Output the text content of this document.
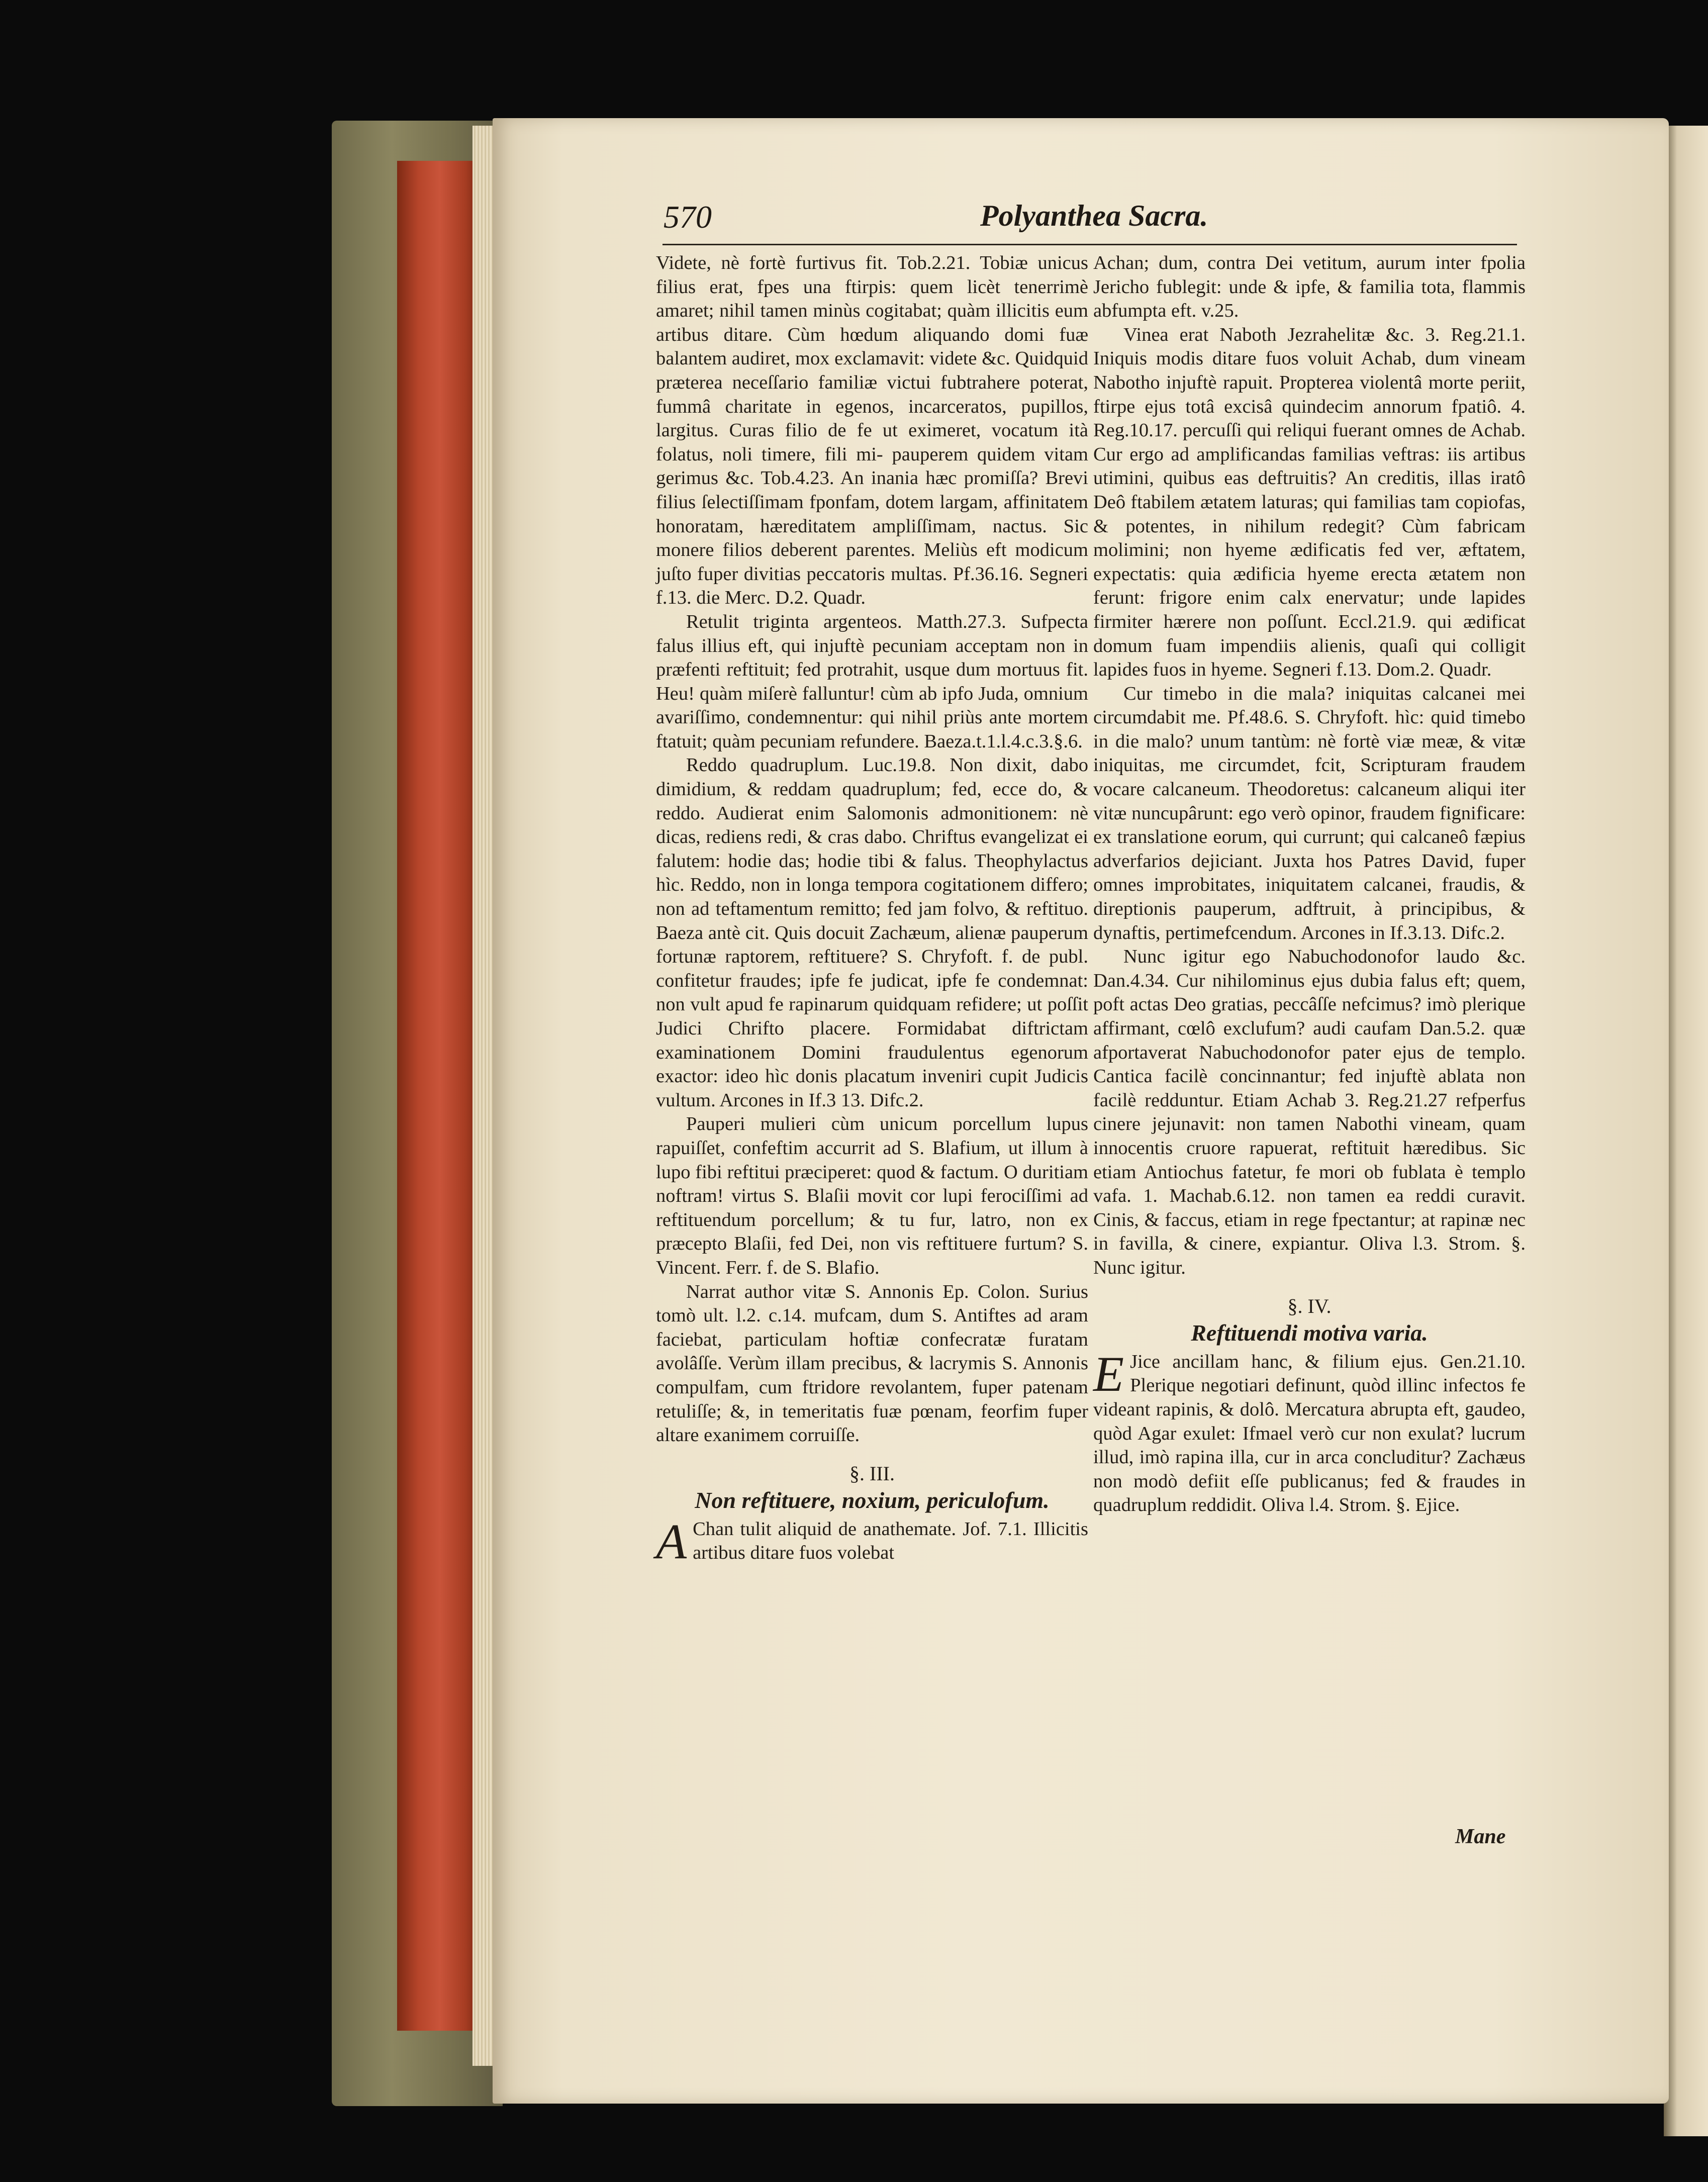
570	Polyanthea Sacra.

Videte, nè fortè furtivus fit. Tob.2.21. Tobiæ unicus filius erat, fpes una ftirpis: quem licèt tenerrimè amaret; nihil tamen minùs cogitabat; quàm illicitis eum artibus ditare. Cùm hœdum aliquando domi fuæ balantem audiret, mox exclamavit: videte &c. Quidquid præterea neceſſario familiæ victui fubtrahere poterat, fummâ charitate in egenos, incarceratos, pupillos, largitus. Curas filio de fe ut eximeret, vocatum ità folatus, noli timere, fili mi- pauperem quidem vitam gerimus &c. Tob.4.23. An inania hæc promiſſa? Brevi filius ſelectiſſimam fponfam, dotem largam, affinitatem honoratam, hæreditatem ampliſſimam, nactus. Sic monere filios deberent parentes. Meliùs eft modicum juſto fuper divitias peccatoris multas. Pf.36.16. Segneri f.13. die Merc. D.2. Quadr.

Retulit triginta argenteos. Matth.27.3. Sufpecta falus illius eft, qui injuftè pecuniam acceptam non in præfenti reftituit; fed protrahit, usque dum mortuus fit. Heu! quàm miſerè falluntur! cùm ab ipfo Juda, omnium avariſſimo, condemnentur: qui nihil priùs ante mortem ftatuit; quàm pecuniam refundere. Baeza.t.1.l.4.c.3.§.6.

Reddo quadruplum. Luc.19.8. Non dixit, dabo dimidium, & reddam quadruplum; fed, ecce do, & reddo. Audierat enim Salomonis admonitionem: nè dicas, rediens redi, & cras dabo. Chriftus evangelizat ei falutem: hodie das; hodie tibi & falus. Theophylactus hìc. Reddo, non in longa tempora cogitationem differo; non ad teftamentum remitto; fed jam folvo, & reftituo. Baeza antè cit. Quis docuit Zachæum, alienæ pauperum fortunæ raptorem, reftituere? S. Chryfoft. f. de publ. confitetur fraudes; ipfe fe judicat, ipfe fe condemnat: non vult apud fe rapinarum quidquam refidere; ut poſſit Judici Chrifto placere. Formidabat diftrictam examinationem Domini fraudulentus egenorum exactor: ideo hìc donis placatum inveniri cupit Judicis vultum. Arcones in If.3 13. Difc.2.

Pauperi mulieri cùm unicum porcellum lupus rapuiſſet, confeftim accurrit ad S. Blafium, ut illum à lupo fibi reftitui præciperet: quod & factum. O duritiam noftram! virtus S. Blaſii movit cor lupi ferociſſimi ad reftituendum porcellum; & tu fur, latro, non ex præcepto Blaſii, fed Dei, non vis reftituere furtum? S. Vincent. Ferr. f. de S. Blafio.

Narrat author vitæ S. Annonis Ep. Colon. Surius tomò ult. l.2. c.14. mufcam, dum S. Antiftes ad aram faciebat, particulam hoftiæ confecratæ furatam avolâſſe. Verùm illam precibus, & lacrymis S. Annonis compulfam, cum ftridore revolantem, fuper patenam retuliſſe; &, in temeritatis fuæ pœnam, feorfim fuper altare exanimem corruiſſe.

§. III.

Non reftituere, noxium, periculofum.

A Chan tulit aliquid de anathemate. Jof. 7.1. Illicitis artibus ditare fuos volebat

Achan; dum, contra Dei vetitum, aurum inter fpolia Jericho fublegit: unde & ipfe, & familia tota, flammis abfumpta eft. v.25.

Vinea erat Naboth Jezrahelitæ &c. 3. Reg.21.1. Iniquis modis ditare fuos voluit Achab, dum vineam Nabotho injuftè rapuit. Propterea violentâ morte periit, ftirpe ejus totâ excisâ quindecim annorum fpatiô. 4. Reg.10.17. percuſſi qui reliqui fuerant omnes de Achab. Cur ergo ad amplificandas familias veftras: iis artibus utimini, quibus eas deftruitis? An creditis, illas iratô Deô ftabilem ætatem laturas; qui familias tam copiofas, & potentes, in nihilum redegit? Cùm fabricam molimini; non hyeme ædificatis fed ver, æftatem, expectatis: quia ædificia hyeme erecta ætatem non ferunt: frigore enim calx enervatur; unde lapides firmiter hærere non poſſunt. Eccl.21.9. qui ædificat domum fuam impendiis alienis, quaſi qui colligit lapides fuos in hyeme. Segneri f.13. Dom.2. Quadr.

Cur timebo in die mala? iniquitas calcanei mei circumdabit me. Pf.48.6. S. Chryfoft. hìc: quid timebo in die malo? unum tantùm: nè fortè viæ meæ, & vitæ iniquitas, me circumdet, fcit, Scripturam fraudem vocare calcaneum. Theodoretus: calcaneum aliqui iter vitæ nuncupârunt: ego verò opinor, fraudem fignificare: ex translatione eorum, qui currunt; qui calcaneô fæpius adverfarios dejiciant. Juxta hos Patres David, fuper omnes improbitates, iniquitatem calcanei, fraudis, & direptionis pauperum, adftruit, à principibus, & dynaftis, pertimefcendum. Arcones in If.3.13. Difc.2.

Nunc igitur ego Nabuchodonofor laudo &c. Dan.4.34. Cur nihilominus ejus dubia falus eft; quem, poft actas Deo gratias, peccâſſe nefcimus? imò plerique affirmant, cœlô exclufum? audi caufam Dan.5.2. quæ afportaverat Nabuchodonofor pater ejus de templo. Cantica facilè concinnantur; fed injuftè ablata non facilè redduntur. Etiam Achab 3. Reg.21.27 refperfus cinere jejunavit: non tamen Nabothi vineam, quam innocentis cruore rapuerat, reftituit hæredibus. Sic etiam Antiochus fatetur, fe mori ob fublata è templo vafa. 1. Machab.6.12. non tamen ea reddi curavit. Cinis, & faccus, etiam in rege fpectantur; at rapinæ nec in favilla, & cinere, expiantur. Oliva l.3. Strom. §. Nunc igitur.

§. IV.

Reftituendi motiva varia.

E Jice ancillam hanc, & filium ejus. Gen.21.10. Plerique negotiari definunt, quòd illinc infectos fe videant rapinis, & dolô. Mercatura abrupta eft, gaudeo, quòd Agar exulet: Ifmael verò cur non exulat? lucrum illud, imò rapina illa, cur in arca concluditur? Zachæus non modò defiit eſſe publicanus; fed & fraudes in quadruplum reddidit. Oliva l.4. Strom. §. Ejice.

Mane
